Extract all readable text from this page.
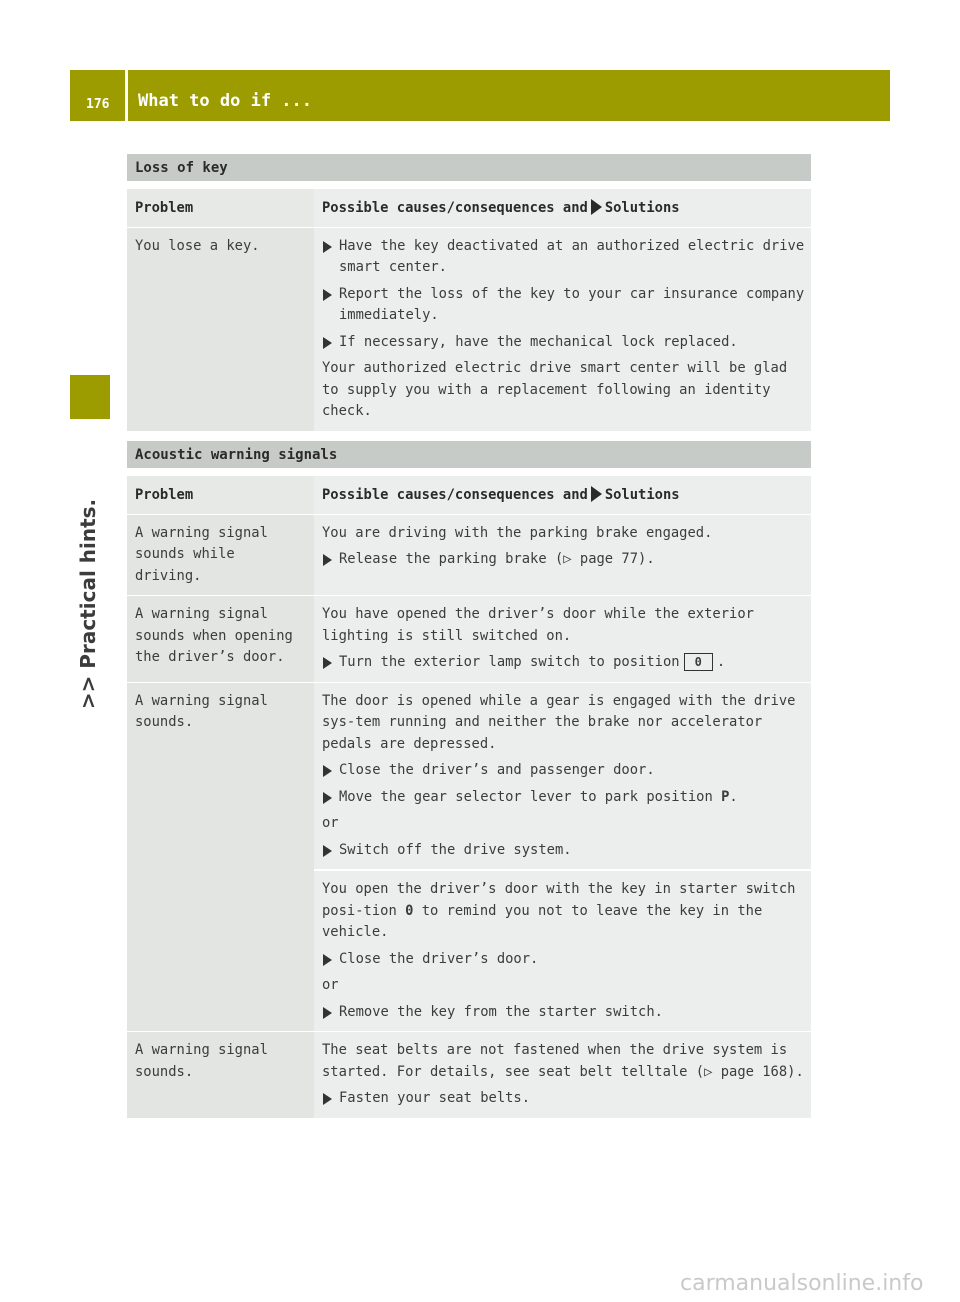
176	What to do if ...
>> Practical hints.
Loss of key
Problem	Possible causes/consequences and Solutions
You lose a key.	Have the key deactivated at an authorized electric drive smart center.

Report the loss of the key to your car insurance company immediately.

If necessary, have the mechanical lock replaced.

Your authorized electric drive smart center will be glad to supply you with a replacement following an identity check.

Acoustic warning signals
Problem	Possible causes/consequences and Solutions
A warning signal sounds while driving.	You are driving with the parking brake engaged.

Release the parking brake (▷ page 77).

A warning signal sounds when opening the driver’s door.	You have opened the driver’s door while the exterior lighting is still switched on.

Turn the exterior lamp switch to position 0 .

A warning signal sounds.	The door is opened while a gear is engaged with the drive sys-tem running and neither the brake nor accelerator pedals are depressed.

Close the driver’s and passenger door.

Move the gear selector lever to park position P.

or

Switch off the drive system.

	You open the driver’s door with the key in starter switch posi-tion 0 to remind you not to leave the key in the vehicle.

Close the driver’s door.

or

Remove the key from the starter switch.

A warning signal sounds.	The seat belts are not fastened when the drive system is started. For details, see seat belt telltale (▷ page 168).

Fasten your seat belts.

carmanualsonline.info
